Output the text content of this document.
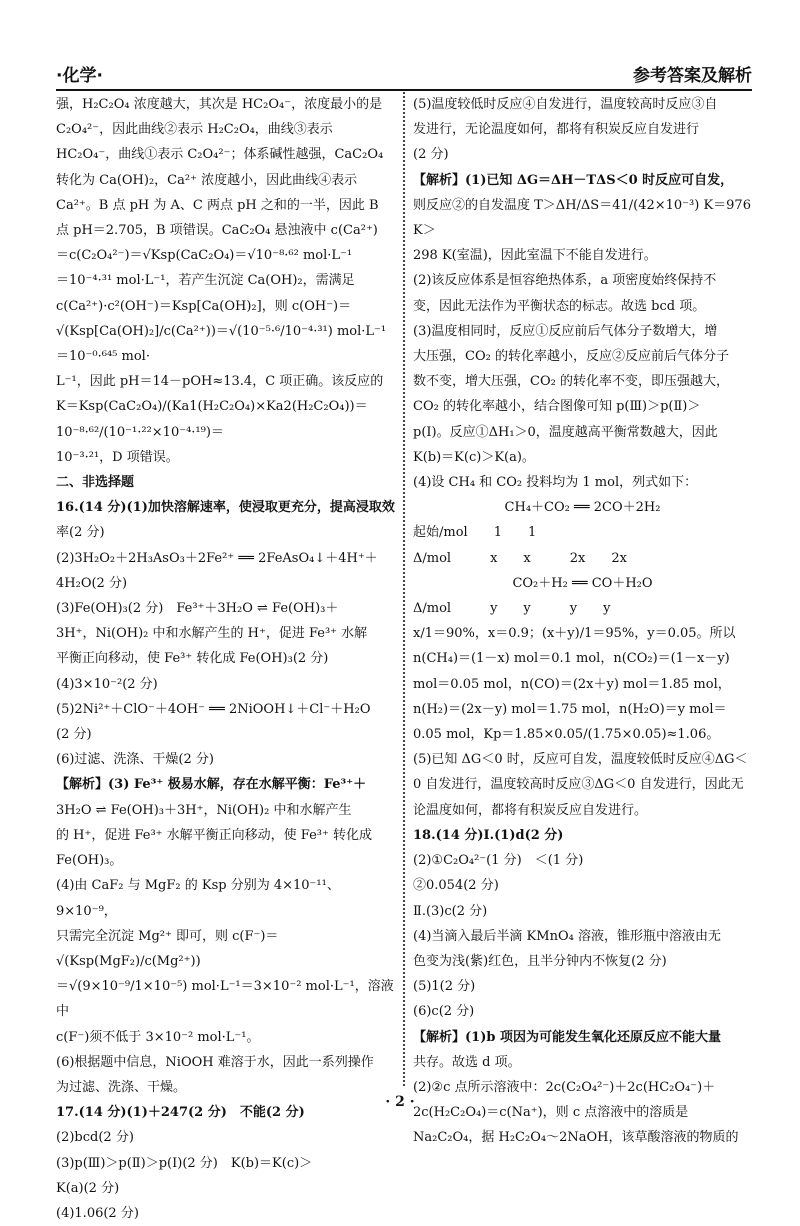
·化学·	参考答案及解析

强，H₂C₂O₄ 浓度越大，其次是 HC₂O₄⁻，浓度最小的是

C₂O₄²⁻，因此曲线②表示 H₂C₂O₄，曲线③表示

HC₂O₄⁻，曲线①表示 C₂O₄²⁻；体系碱性越强，CaC₂O₄

转化为 Ca(OH)₂，Ca²⁺ 浓度越小，因此曲线④表示

Ca²⁺。B 点 pH 为 A、C 两点 pH 之和的一半，因此 B

点 pH＝2.705，B 项错误。CaC₂O₄ 悬浊液中 c(Ca²⁺)

＝c(C₂O₄²⁻)＝√Ksp(CaC₂O₄)＝√10⁻⁸·⁶² mol·L⁻¹

＝10⁻⁴·³¹ mol·L⁻¹，若产生沉淀 Ca(OH)₂，需满足

c(Ca²⁺)·c²(OH⁻)＝Ksp[Ca(OH)₂]，则 c(OH⁻)＝

√(Ksp[Ca(OH)₂]/c(Ca²⁺))＝√(10⁻⁵·⁶/10⁻⁴·³¹) mol·L⁻¹＝10⁻⁰·⁶⁴⁵ mol·

L⁻¹，因此 pH＝14－pOH≈13.4，C 项正确。该反应的

K＝Ksp(CaC₂O₄)/(Ka1(H₂C₂O₄)×Ka2(H₂C₂O₄))＝10⁻⁸·⁶²/(10⁻¹·²²×10⁻⁴·¹⁹)＝

10⁻³·²¹，D 项错误。

二、非选择题

16.(14 分)(1)加快溶解速率，使浸取更充分，提高浸取效

率(2 分)

(2)3H₂O₂＋2H₃AsO₃＋2Fe²⁺ ══ 2FeAsO₄↓＋4H⁺＋

4H₂O(2 分)

(3)Fe(OH)₃(2 分)　Fe³⁺＋3H₂O ⇌ Fe(OH)₃＋

3H⁺，Ni(OH)₂ 中和水解产生的 H⁺，促进 Fe³⁺ 水解

平衡正向移动，使 Fe³⁺ 转化成 Fe(OH)₃(2 分)

(4)3×10⁻²(2 分)

(5)2Ni²⁺＋ClO⁻＋4OH⁻ ══ 2NiOOH↓＋Cl⁻＋H₂O

(2 分)

(6)过滤、洗涤、干燥(2 分)

【解析】(3) Fe³⁺ 极易水解，存在水解平衡：Fe³⁺＋

3H₂O ⇌ Fe(OH)₃＋3H⁺，Ni(OH)₂ 中和水解产生

的 H⁺，促进 Fe³⁺ 水解平衡正向移动，使 Fe³⁺ 转化成

Fe(OH)₃。

(4)由 CaF₂ 与 MgF₂ 的 Ksp 分别为 4×10⁻¹¹、9×10⁻⁹，

只需完全沉淀 Mg²⁺ 即可，则 c(F⁻)＝√(Ksp(MgF₂)/c(Mg²⁺))

＝√(9×10⁻⁹/1×10⁻⁵) mol·L⁻¹＝3×10⁻² mol·L⁻¹，溶液中

c(F⁻)须不低于 3×10⁻² mol·L⁻¹。

(6)根据题中信息，NiOOH 难溶于水，因此一系列操作

为过滤、洗涤、干燥。

17.(14 分)(1)＋247(2 分)　不能(2 分)

(2)bcd(2 分)

(3)p(Ⅲ)＞p(Ⅱ)＞p(Ⅰ)(2 分)　K(b)＝K(c)＞

K(a)(2 分)

(4)1.06(2 分)

(5)温度较低时反应④自发进行，温度较高时反应③自

发进行，无论温度如何，都将有积炭反应自发进行

(2 分)

【解析】(1)已知 ΔG＝ΔH－TΔS＜0 时反应可自发，

则反应②的自发温度 T＞ΔH/ΔS＝41/(42×10⁻³) K＝976 K＞

298 K(室温)，因此室温下不能自发进行。

(2)该反应体系是恒容绝热体系，a 项密度始终保持不

变，因此无法作为平衡状态的标志。故选 bcd 项。

(3)温度相同时，反应①反应前后气体分子数增大，增

大压强，CO₂ 的转化率越小，反应②反应前后气体分子

数不变，增大压强，CO₂ 的转化率不变，即压强越大，

CO₂ 的转化率越小，结合图像可知 p(Ⅲ)＞p(Ⅱ)＞

p(Ⅰ)。反应①ΔH₁＞0，温度越高平衡常数越大，因此

K(b)＝K(c)＞K(a)。

(4)设 CH₄ 和 CO₂ 投料均为 1 mol，列式如下：

CH₄＋CO₂ ══ 2CO＋2H₂

起始/mol　　1　　1

Δ/mol　　　x　　x　　　2x　　2x

CO₂＋H₂ ══ CO＋H₂O

Δ/mol　　　y　　y　　　y　　y

x/1＝90%，x＝0.9；(x＋y)/1＝95%，y＝0.05。所以

n(CH₄)＝(1－x) mol＝0.1 mol，n(CO₂)＝(1－x－y)

mol＝0.05 mol，n(CO)＝(2x＋y) mol＝1.85 mol，

n(H₂)＝(2x－y) mol＝1.75 mol，n(H₂O)＝y mol＝

0.05 mol，Kp＝1.85×0.05/(1.75×0.05)≈1.06。

(5)已知 ΔG＜0 时，反应可自发，温度较低时反应④ΔG＜

0 自发进行，温度较高时反应③ΔG＜0 自发进行，因此无

论温度如何，都将有积炭反应自发进行。

18.(14 分)Ⅰ.(1)d(2 分)

(2)①C₂O₄²⁻(1 分)　＜(1 分)

②0.054(2 分)

Ⅱ.(3)c(2 分)

(4)当滴入最后半滴 KMnO₄ 溶液，锥形瓶中溶液由无

色变为浅(紫)红色，且半分钟内不恢复(2 分)

(5)1(2 分)

(6)c(2 分)

【解析】(1)b 项因为可能发生氧化还原反应不能大量

共存。故选 d 项。

(2)②c 点所示溶液中：2c(C₂O₄²⁻)＋2c(HC₂O₄⁻)＋

2c(H₂C₂O₄)＝c(Na⁺)，则 c 点溶液中的溶质是

Na₂C₂O₄，据 H₂C₂O₄～2NaOH，该草酸溶液的物质的

· 2 ·
